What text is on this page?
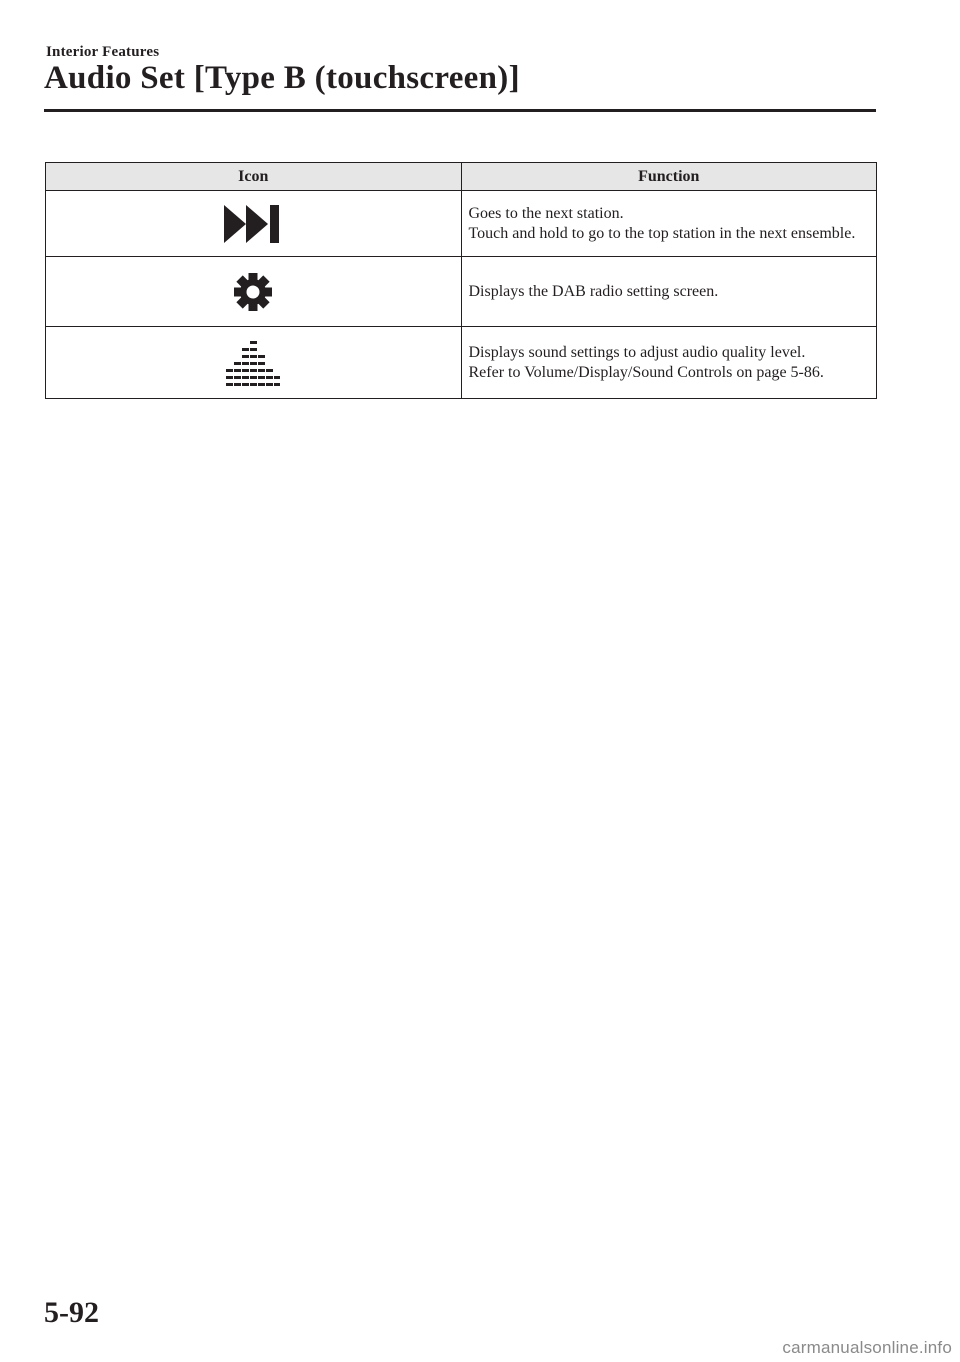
Interior Features
Audio Set [Type B (touchscreen)]
Icon	Function

Goes to the next station.
Touch and hold to go to the top station in the next ensemble.

Displays the DAB radio setting screen.

Displays sound settings to adjust audio quality level.
Refer to Volume/Display/Sound Controls on page 5-86.
5-92
carmanualsonline.info
